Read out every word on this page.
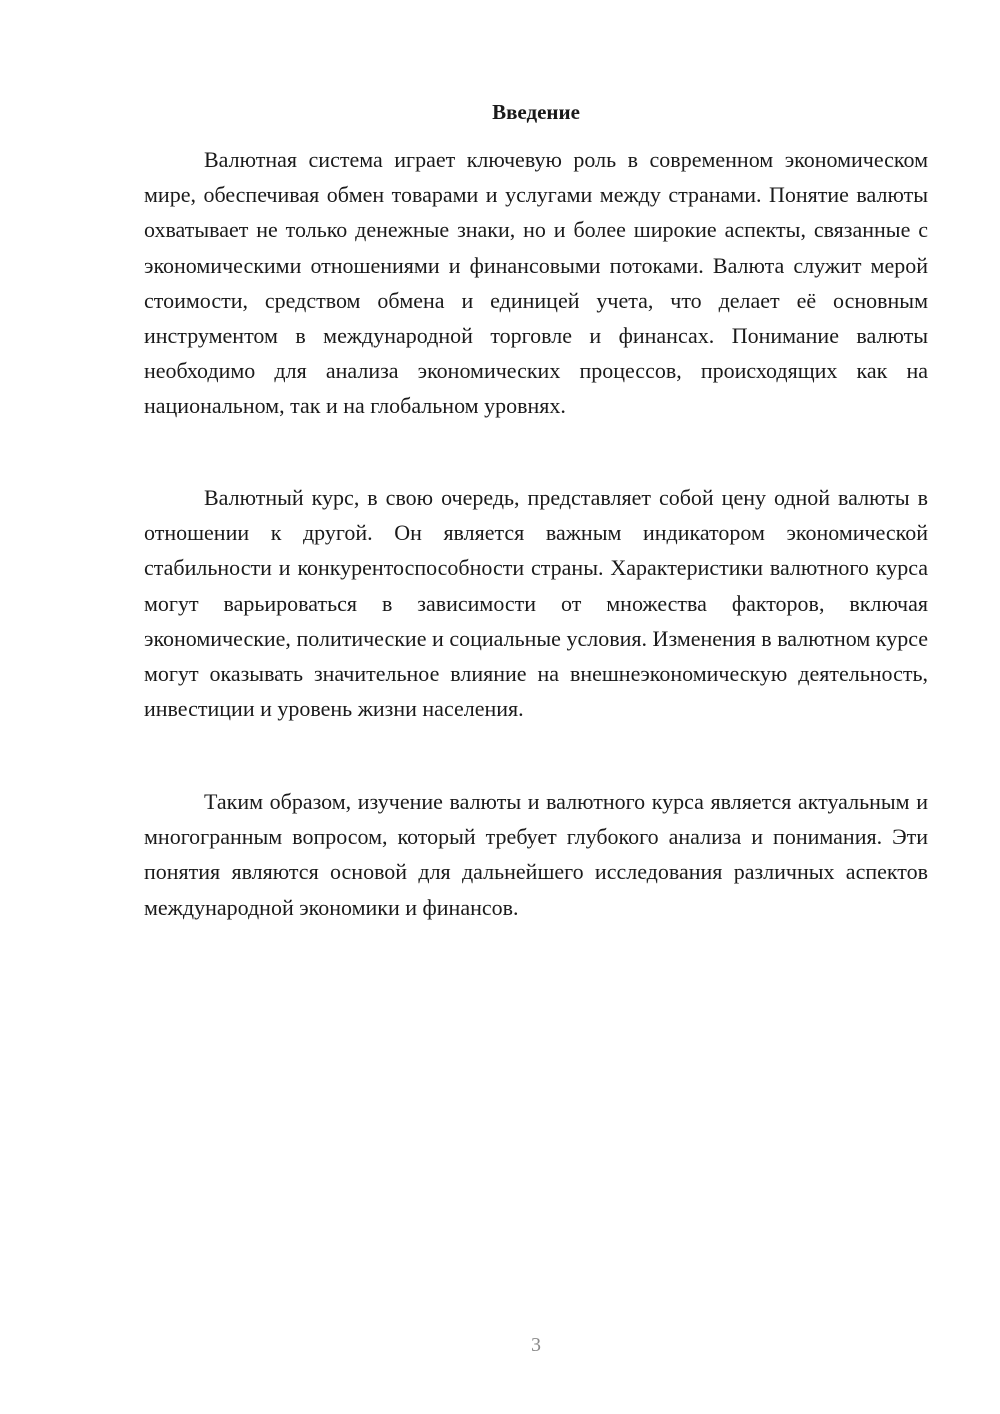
Введение

Валютная система играет ключевую роль в современном экономическом мире, обеспечивая обмен товарами и услугами между странами. Понятие валюты охватывает не только денежные знаки, но и более широкие аспекты, связанные с экономическими отношениями и финансовыми потоками. Валюта служит мерой стоимости, средством обмена и единицей учета, что делает её основным инструментом в международной торговле и финансах. Понимание валюты необходимо для анализа экономических процессов, происходящих как на национальном, так и на глобальном уровнях.

Валютный курс, в свою очередь, представляет собой цену одной валюты в отношении к другой. Он является важным индикатором экономической стабильности и конкурентоспособности страны. Характеристики валютного курса могут варьироваться в зависимости от множества факторов, включая экономические, политические и социальные условия. Изменения в валютном курсе могут оказывать значительное влияние на внешнеэкономическую деятельность, инвестиции и уровень жизни населения.

Таким образом, изучение валюты и валютного курса является актуальным и многогранным вопросом, который требует глубокого анализа и понимания. Эти понятия являются основой для дальнейшего исследования различных аспектов международной экономики и финансов.

3
